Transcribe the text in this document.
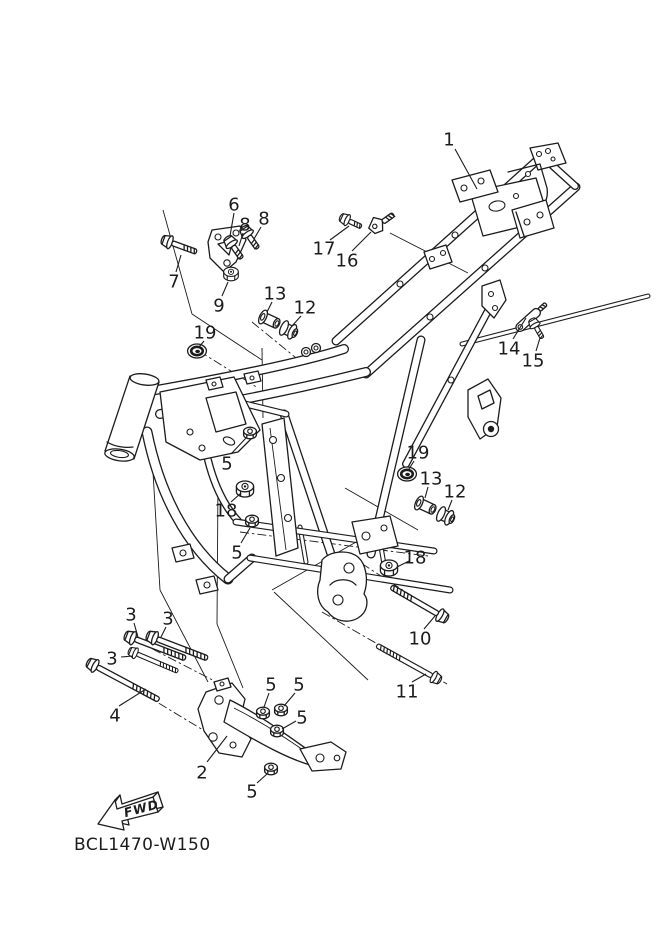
1
2
3 3
3
4
5
5
5 5
5
5
6
7
8 8
9
10
11
12
12
13
13
14
15
16
17
18
18
19
19
FWD
BCL1470-W150
